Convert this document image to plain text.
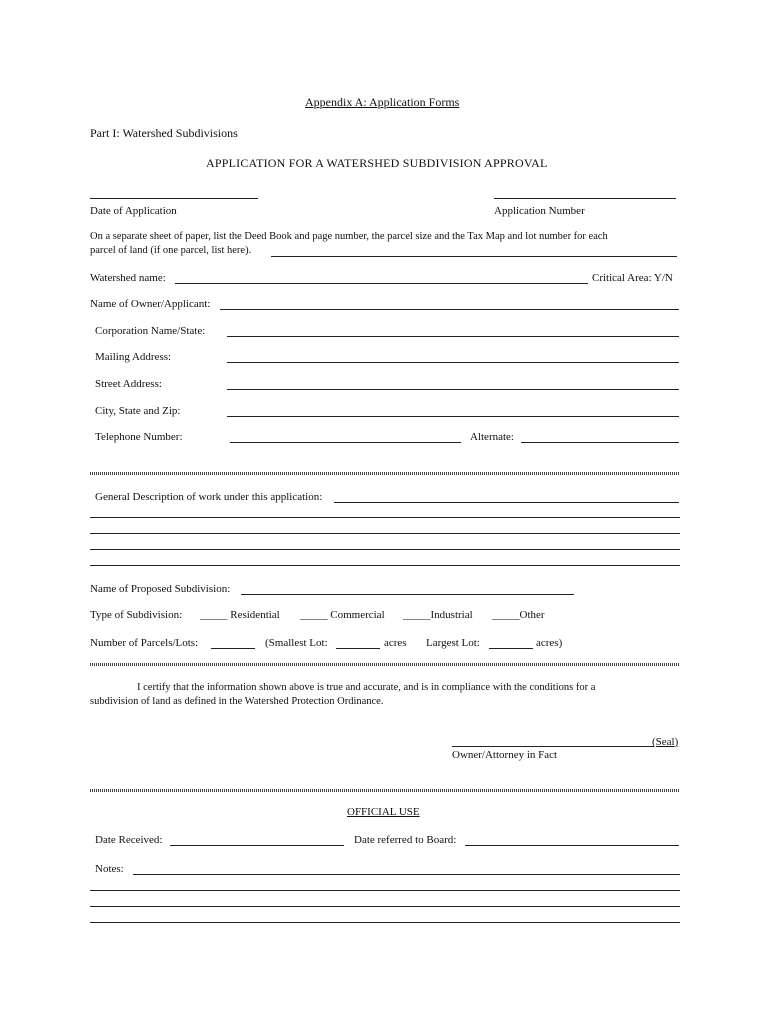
Appendix A: Application Forms
Part I: Watershed Subdivisions
APPLICATION FOR A WATERSHED SUBDIVISION APPROVAL
Date of Application	Application Number
On a separate sheet of paper, list the Deed Book and page number, the parcel size and the Tax Map and lot number for each
parcel of land (if one parcel, list here).
Watershed name:	Critical Area: Y/N
Name of Owner/Applicant:
Corporation Name/State:
Mailing Address:
Street Address:
City, State and Zip:
Telephone Number:	Alternate:
General Description of work under this application:
Name of Proposed Subdivision:
Type of Subdivision: _____ Residential _____ Commercial _____Industrial _____Other
Number of Parcels/Lots:	(Smallest Lot:	acres Largest Lot:	acres)
I certify that the information shown above is true and accurate, and is in compliance with the conditions for a
subdivision of land as defined in the Watershed Protection Ordinance.
(Seal)
Owner/Attorney in Fact
OFFICIAL USE
Date Received:	Date referred to Board:
Notes:
